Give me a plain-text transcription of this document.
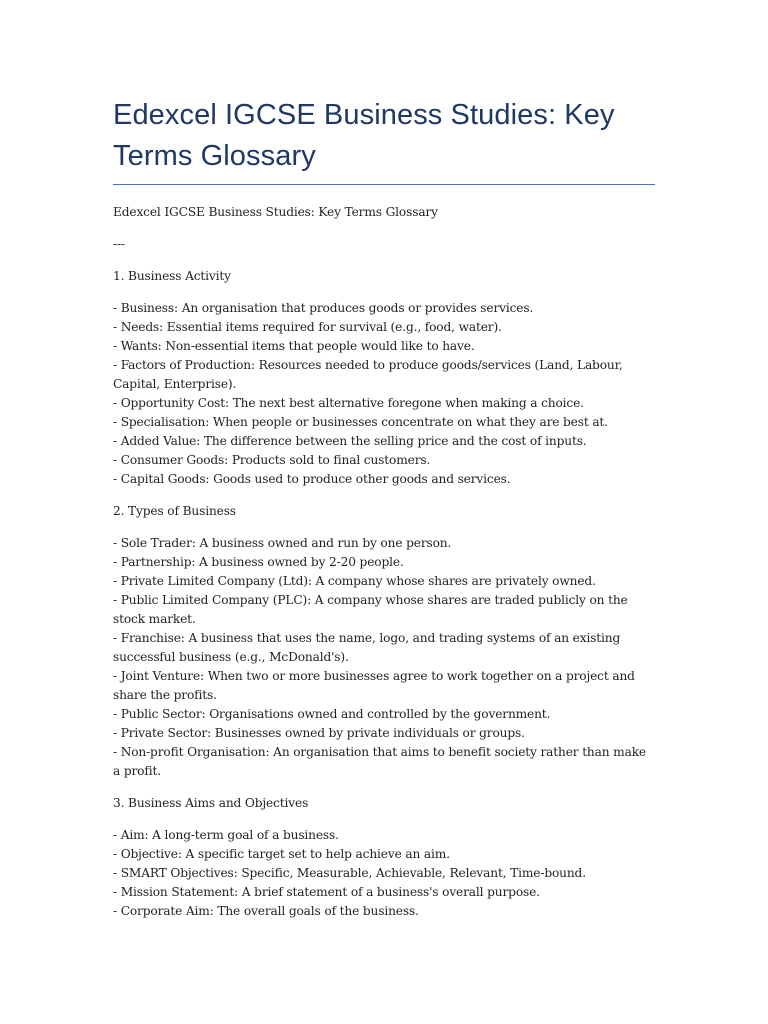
Edexcel IGCSE Business Studies: Key Terms Glossary

Edexcel IGCSE Business Studies: Key Terms Glossary

---

1. Business Activity

- Business: An organisation that produces goods or provides services.

- Needs: Essential items required for survival (e.g., food, water).

- Wants: Non-essential items that people would like to have.

- Factors of Production: Resources needed to produce goods/services (Land, Labour, Capital, Enterprise).

- Opportunity Cost: The next best alternative foregone when making a choice.

- Specialisation: When people or businesses concentrate on what they are best at.

- Added Value: The difference between the selling price and the cost of inputs.

- Consumer Goods: Products sold to final customers.

- Capital Goods: Goods used to produce other goods and services.

2. Types of Business

- Sole Trader: A business owned and run by one person.

- Partnership: A business owned by 2-20 people.

- Private Limited Company (Ltd): A company whose shares are privately owned.

- Public Limited Company (PLC): A company whose shares are traded publicly on the stock market.

- Franchise: A business that uses the name, logo, and trading systems of an existing successful business (e.g., McDonald's).

- Joint Venture: When two or more businesses agree to work together on a project and share the profits.

- Public Sector: Organisations owned and controlled by the government.

- Private Sector: Businesses owned by private individuals or groups.

- Non-profit Organisation: An organisation that aims to benefit society rather than make a profit.

3. Business Aims and Objectives

- Aim: A long-term goal of a business.

- Objective: A specific target set to help achieve an aim.

- SMART Objectives: Specific, Measurable, Achievable, Relevant, Time-bound.

- Mission Statement: A brief statement of a business's overall purpose.

- Corporate Aim: The overall goals of the business.
